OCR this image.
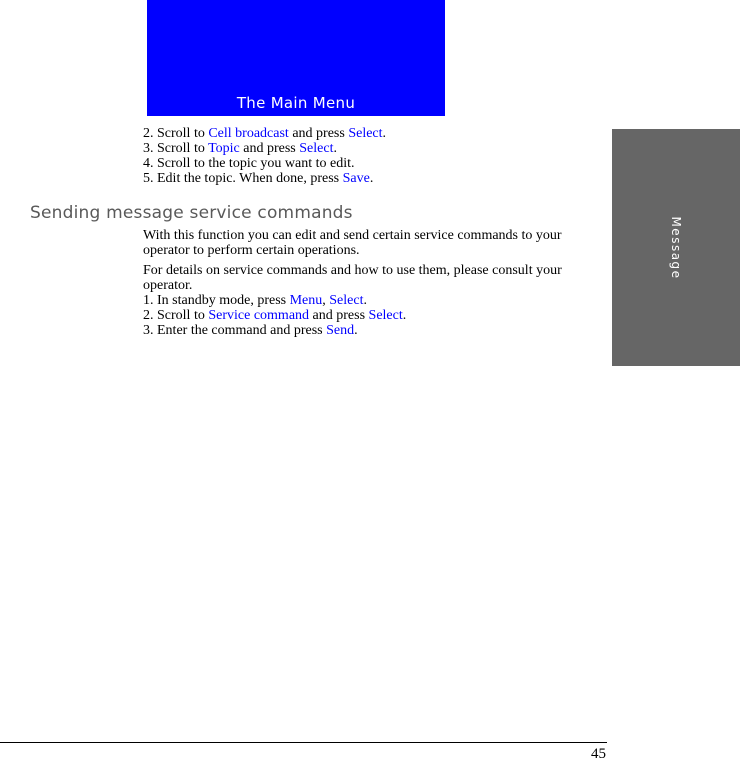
The Main Menu

2. Scroll to Cell broadcast and press Select.

3. Scroll to Topic and press Select.

4. Scroll to the topic you want to edit.

5. Edit the topic. When done, press Save.

Sending message service commands

With this function you can edit and send certain service commands to your operator to perform certain operations.

For details on service commands and how to use them, please consult your operator.

1. In standby mode, press Menu, Select.

2. Scroll to Service command and press Select.

3. Enter the command and press Send.

Message
45
